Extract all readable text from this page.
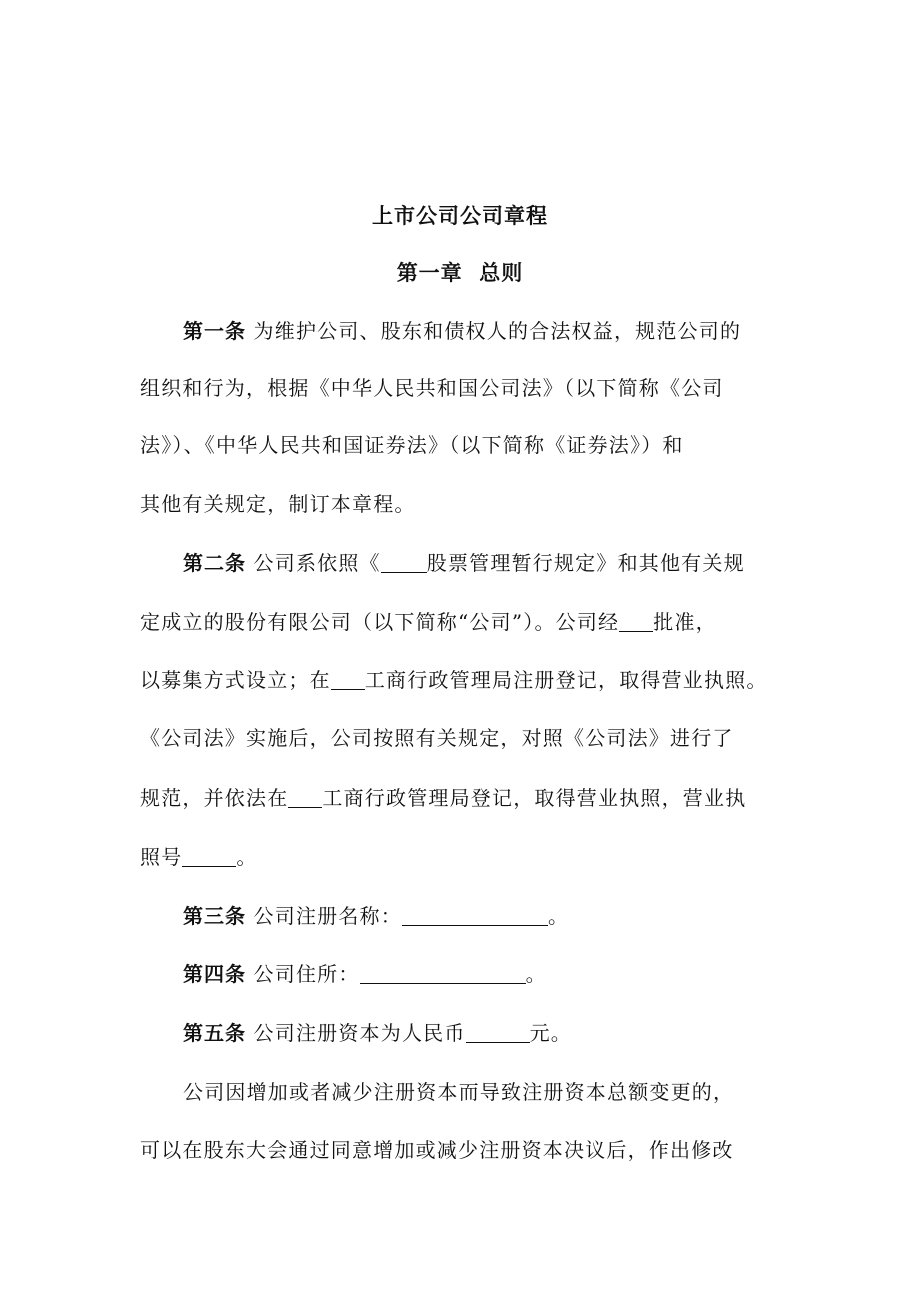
上市公司公司章程
第一章  总则
第一条 为维护公司、股东和债权人的合法权益，规范公司的
组织和行为，根据《中华人民共和国公司法》（以下简称《公司
法》）、《中华人民共和国证券法》（以下简称《证券法》）和
其他有关规定，制订本章程。
第二条 公司系依照《 股票管理暂行规定》和其他有关规
定成立的股份有限公司（以下简称“公司”）。公司经 批准，
以募集方式设立；在 工商行政管理局注册登记，取得营业执照。
《公司法》实施后，公司按照有关规定，对照《公司法》进行了
规范，并依法在 工商行政管理局登记，取得营业执照，营业执
照号	。
第三条 公司注册名称：	。
第四条 公司住所：	。
第五条 公司注册资本为人民币	元。
公司因增加或者减少注册资本而导致注册资本总额变更的，
可以在股东大会通过同意增加或减少注册资本决议后，作出修改
